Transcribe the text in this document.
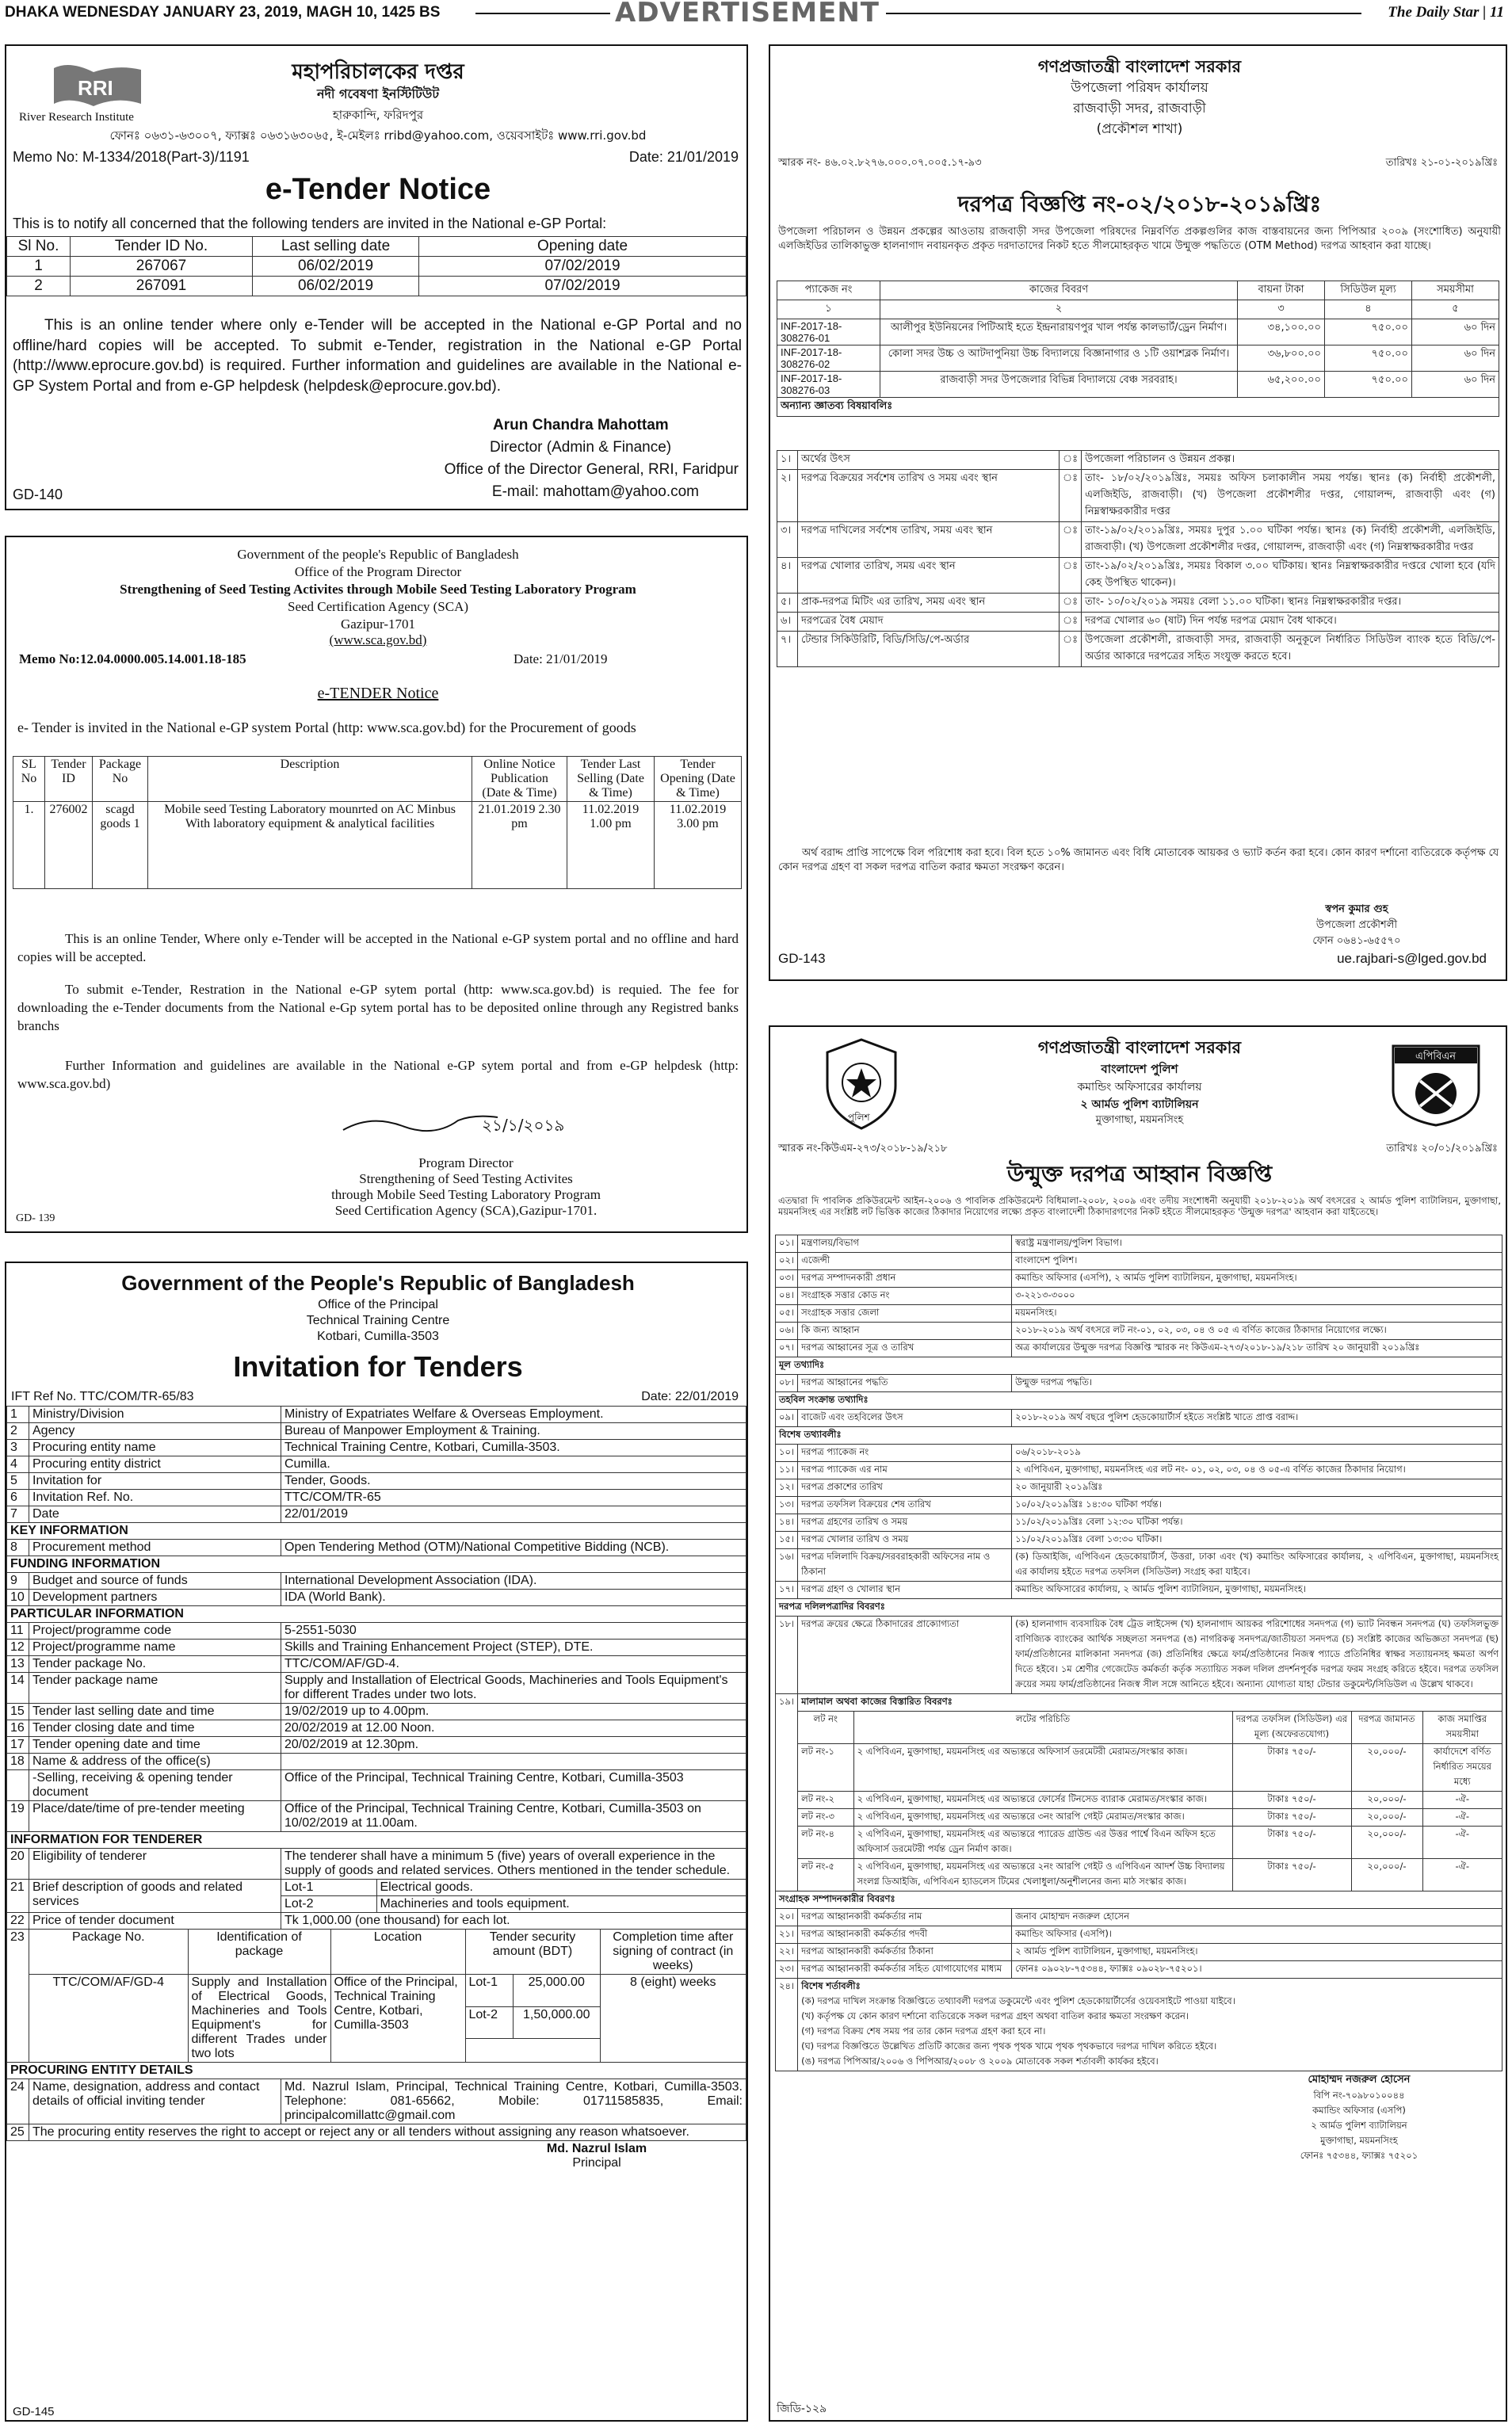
DHAKA WEDNESDAY JANUARY 23, 2019, MAGH 10, 1425 BS	ADVERTISEMENT	The Daily Star | 11
RRI
River Research Institute
মহাপরিচালকের দপ্তর
নদী গবেষণা ইনস্টিটিউট
হারুকান্দি, ফরিদপুর
ফোনঃ ০৬৩১-৬৩০০৭, ফ্যাক্সঃ ০৬৩১৬৩০৬৫, ই-মেইলঃ rribd@yahoo.com, ওয়েবসাইটঃ www.rri.gov.bd
Memo No: M-1334/2018(Part-3)/1191	Date: 21/01/2019
e-Tender Notice
This is to notify all concerned that the following tenders are invited in the National e-GP Portal:
Sl No.	Tender ID No.	Last selling date	Opening date
1	267067	06/02/2019	07/02/2019
2	267091	06/02/2019	07/02/2019
This is an online tender where only e-Tender will be accepted in the National e-GP Portal and no offline/hard copies will be accepted. To submit e-Tender, registration in the National e-GP Portal (http://www.eprocure.gov.bd) is required. Further information and guidelines are available in the National e-GP System Portal and from e-GP helpdesk (helpdesk@eprocure.gov.bd).
Arun Chandra Mahottam
Director (Admin & Finance)
Office of the Director General, RRI, Faridpur
E-mail: mahottam@yahoo.com
GD-140
Government of the people's Republic of Bangladesh
Office of the Program Director
Strengthening of Seed Testing Activites through Mobile Seed Testing Laboratory Program
Seed Certification Agency (SCA)
Gazipur-1701
(www.sca.gov.bd)
Memo No:12.04.0000.005.14.001.18-185	Date: 21/01/2019
e-TENDER Notice
e- Tender is invited in the National e-GP system Portal (http: www.sca.gov.bd) for the Procurement of goods
SL No	Tender ID	Package No	Description	Online Notice Publication (Date & Time)	Tender Last Selling (Date & Time)	Tender Opening (Date & Time)
1.	276002	scagd goods 1	Mobile seed Testing Laboratory mounrted on AC Minbus With laboratory equipment & analytical facilities	21.01.2019 2.30 pm	11.02.2019 1.00 pm	11.02.2019 3.00 pm
This is an online Tender, Where only e-Tender will be accepted in the National e-GP system portal and no offline and hard copies will be accepted.
To submit e-Tender, Restration in the National e-GP sytem portal (http: www.sca.gov.bd) is requied. The fee for downloading the e-Tender documents from the National e-Gp sytem portal has to be deposited online through any Registred banks branchs
Further Information and guidelines are available in the National e-GP sytem portal and from e-GP helpdesk (http: www.sca.gov.bd)
২১/১/২০১৯
Program Director
Strengthening of Seed Testing Activites
through Mobile Seed Testing Laboratory Program
Seed Certification Agency (SCA),Gazipur-1701.
GD- 139
Government of the People's Republic of Bangladesh
Office of the Principal
Technical Training Centre
Kotbari, Cumilla-3503
Invitation for Tenders
IFT Ref No. TTC/COM/TR-65/83	Date: 22/01/2019
1	Ministry/Division	Ministry of Expatriates Welfare & Overseas Employment.
2	Agency	Bureau of Manpower Employment & Training.
3	Procuring entity name	Technical Training Centre, Kotbari, Cumilla-3503.
4	Procuring entity district	Cumilla.
5	Invitation for	Tender, Goods.
6	Invitation Ref. No.	TTC/COM/TR-65
7	Date	22/01/2019
KEY INFORMATION
8	Procurement method	Open Tendering Method (OTM)/National Competitive Bidding (NCB).
FUNDING INFORMATION
9	Budget and source of funds	International Development Association (IDA).
10	Development partners	IDA (World Bank).
PARTICULAR INFORMATION
11	Project/programme code	5-2551-5030
12	Project/programme name	Skills and Training Enhancement Project (STEP), DTE.
13	Tender package No.	TTC/COM/AF/GD-4.
14	Tender package name	Supply and Installation of Electrical Goods, Machineries and Tools Equipment's for different Trades under two lots.
15	Tender last selling date and time	19/02/2019 up to 4.00pm.
16	Tender closing date and time	20/02/2019 at 12.00 Noon.
17	Tender opening date and time	20/02/2019 at 12.30pm.
18	Name & address of the office(s)	
	-Selling, receiving & opening tender document	Office of the Principal, Technical Training Centre, Kotbari, Cumilla-3503
19	Place/date/time of pre-tender meeting	Office of the Principal, Technical Training Centre, Kotbari, Cumilla-3503 on 10/02/2019 at 11.00am.
INFORMATION FOR TENDERER
20	Eligibility of tenderer	The tenderer shall have a minimum 5 (five) years of overall experience in the supply of goods and related services. Others mentioned in the tender schedule.
21	Brief description of goods and related services	
Lot-1	Electrical goods.
Lot-2	Machineries and tools equipment.

22	Price of tender document	Tk 1,000.00 (one thousand) for each lot.
23		Package No.	Identification of package	Location	Tender security amount (BDT)	Completion time after signing of contract (in weeks)
TTC/COM/AF/GD-4	Supply and Installation of Electrical Goods, Machineries and Tools Equipment's for different Trades under two lots	Office of the Principal, Technical Training Centre, Kotbari, Cumilla-3503	
Lot-1	25,000.00
Lot-2	1,50,000.00
	8 (eight) weeks

PROCURING ENTITY DETAILS
24	Name, designation, address and contact details of official inviting tender	Md. Nazrul Islam, Principal, Technical Training Centre, Kotbari, Cumilla-3503. Telephone: 081-65662, Mobile: 01711585835, Email: principalcomillattc@gmail.com
25	The procuring entity reserves the right to accept or reject any or all tenders without assigning any reason whatsoever.

Md. Nazrul Islam
Principal
GD-145
গণপ্রজাতন্ত্রী বাংলাদেশ সরকার
উপজেলা পরিষদ কার্যালয়
রাজবাড়ী সদর, রাজবাড়ী
(প্রকৌশল শাখা)
স্মারক নং- ৪৬.০২.৮২৭৬.০০০.০৭.০০৫.১৭-৯৩	তারিখঃ ২১-০১-২০১৯খ্রিঃ
দরপত্র বিজ্ঞপ্তি নং-০২/২০১৮-২০১৯খ্রিঃ
উপজেলা পরিচালন ও উন্নয়ন প্রকল্পের আওতায় রাজবাড়ী সদর উপজেলা পরিষদের নিম্নবর্ণিত প্রকল্পগুলির কাজ বাস্তবায়নের জন্য পিপিআর ২০০৯ (সংশোধিত) অনুযায়ী এলজিইডির তালিকাভুক্ত হালনাগাদ নবায়নকৃত প্রকৃত দরদাতাদের নিকট হতে সীলমোহরকৃত খামে উন্মুক্ত পদ্ধতিতে (OTM Method) দরপত্র আহবান করা যাচ্ছে।
প্যাকেজ নং	কাজের বিবরণ	বায়না টাকা	সিডিউল মূল্য	সময়সীমা
১	২	৩	৪	৫
INF-2017-18-308276-01	আলীপুর ইউনিয়নের পিটিআই হতে ইন্দ্রনারায়ণপুর খাল পর্যন্ত কালভার্ট/ড্রেন নির্মাণ।	৩৪,১০০.০০	৭৫০.০০	৬০ দিন
INF-2017-18-308276-02	কোলা সদর উচ্চ ও আটদাপুনিয়া উচ্চ বিদ্যালয়ে বিজ্ঞানাগার ও ১টি ওয়াশব্লক নির্মাণ।	৩৬,৮০০.০০	৭৫০.০০	৬০ দিন
INF-2017-18-308276-03	রাজবাড়ী সদর উপজেলার বিভিন্ন বিদ্যালয়ে বেঞ্চ সরবরাহ।	৬৫,২০০.০০	৭৫০.০০	৬০ দিন
অন্যান্য জ্ঞাতব্য বিষয়াবলিঃ				
১।	অর্থের উৎস	ঃ	উপজেলা পরিচালন ও উন্নয়ন প্রকল্প।
২।	দরপত্র বিক্রয়ের সর্বশেষ তারিখ ও সময় এবং স্থান	ঃ	তাং- ১৮/০২/২০১৯খ্রিঃ, সময়ঃ অফিস চলাকালীন সময় পর্যন্ত। স্থানঃ (ক) নির্বাহী প্রকৌশলী, এলজিইডি, রাজবাড়ী। (খ) উপজেলা প্রকৌশলীর দপ্তর, গোয়ালন্দ, রাজবাড়ী এবং (গ) নিম্নস্বাক্ষরকারীর দপ্তর
৩।	দরপত্র দাখিলের সর্বশেষ তারিখ, সময় এবং স্থান	ঃ	তাং-১৯/০২/২০১৯খ্রিঃ, সময়ঃ দুপুর ১.০০ ঘটিকা পর্যন্ত। স্থানঃ (ক) নির্বাহী প্রকৌশলী, এলজিইডি, রাজবাড়ী। (খ) উপজেলা প্রকৌশলীর দপ্তর, গোয়ালন্দ, রাজবাড়ী এবং (গ) নিম্নস্বাক্ষরকারীর দপ্তর
৪।	দরপত্র খোলার তারিখ, সময় এবং স্থান	ঃ	তাং-১৯/০২/২০১৯খ্রিঃ, সময়ঃ বিকাল ৩.০০ ঘটিকায়। স্থানঃ নিম্নস্বাক্ষরকারীর দপ্তরে খোলা হবে (যদি কেহ উপস্থিত থাকেন)।
৫।	প্রাক-দরপত্র মিটিং এর তারিখ, সময় এবং স্থান	ঃ	তাং- ১০/০২/২০১৯ সময়ঃ বেলা ১১.০০ ঘটিকা। স্থানঃ নিম্নস্বাক্ষরকারীর দপ্তর।
৬।	দরপত্রের বৈধ মেয়াদ	ঃ	দরপত্র খোলার ৬০ (ষাট) দিন পর্যন্ত দরপত্র মেয়াদ বৈধ থাকবে।
৭।	টেন্ডার সিকিউরিটি, বিডি/সিডি/পে-অর্ডার	ঃ	উপজেলা প্রকৌশলী, রাজবাড়ী সদর, রাজবাড়ী অনুকূলে নির্ধারিত সিডিউল ব্যাংক হতে বিডি/পে-অর্ডার আকারে দরপত্রের সহিত সংযুক্ত করতে হবে।
অর্থ বরাদ্দ প্রাপ্তি সাপেক্ষে বিল পরিশোধ করা হবে। বিল হতে ১০% জামানত এবং বিধি মোতাবেক আয়কর ও ভ্যাট কর্তন করা হবে। কোন কারণ দর্শানো ব্যতিরেকে কর্তৃপক্ষ যে কোন দরপত্র গ্রহণ বা সকল দরপত্র বাতিল করার ক্ষমতা সংরক্ষণ করেন।
স্বপন কুমার গুহ
উপজেলা প্রকৌশলী
ফোন ০৬৪১-৬৫৫৭০
ue.rajbari-s@lged.gov.bd
GD-143
পুলিশ
এপিবিএন
গণপ্রজাতন্ত্রী বাংলাদেশ সরকার
বাংলাদেশ পুলিশ
কমান্ডিং অফিসারের কার্যালয়
২ আর্মড পুলিশ ব্যাটালিয়ন
মুক্তাগাছা, ময়মনসিংহ
স্মারক নং-কিউএম-২৭৩/২০১৮-১৯/২১৮	তারিখঃ ২০/০১/২০১৯খ্রিঃ
উন্মুক্ত দরপত্র আহ্বান বিজ্ঞপ্তি
এতদ্বারা দি পাবলিক প্রকিউরমেন্ট আইন-২০০৬ ও পাবলিক প্রকিউরমেন্ট বিধিমালা-২০০৮, ২০০৯ এবং তদীয় সংশোধনী অনুযায়ী ২০১৮-২০১৯ অর্থ বৎসরের ২ আর্মড পুলিশ ব্যাটালিয়ন, মুক্তাগাছা, ময়মনসিংহ এর সংশ্লিষ্ট লট ভিত্তিক কাজের ঠিকাদার নিয়োগের লক্ষ্যে প্রকৃত বাংলাদেশী ঠিকাদারগণের নিকট হইতে সীলমোহরকৃত 'উন্মুক্ত দরপত্র' আহবান করা যাইতেছে।
০১।	মন্ত্রণালয়/বিভাগ	স্বরাষ্ট্র মন্ত্রণালয়/পুলিশ বিভাগ।
০২।	এজেন্সী	বাংলাদেশ পুলিশ।
০৩।	দরপত্র সম্পাদনকারী প্রধান	কমান্ডিং অফিসার (এসপি), ২ আর্মড পুলিশ ব্যাটালিয়ন, মুক্তাগাছা, ময়মনসিংহ।
০৪।	সংগ্রাহক সত্তার কোড নং	৩-২২১৩-৩০০০
০৫।	সংগ্রাহক সত্তার জেলা	ময়মনসিংহ।
০৬।	কি জন্য আহ্বান	২০১৮-২০১৯ অর্থ বৎসরে লট নং-০১, ০২, ০৩, ০৪ ও ০৫ এ বর্ণিত কাজের ঠিকাদার নিয়োগের লক্ষ্যে।
০৭।	দরপত্র আহ্বানের সূত্র ও তারিখ	অত্র কার্যালয়ের উন্মুক্ত দরপত্র বিজ্ঞপ্তি স্মারক নং কিউএম-২৭৩/২০১৮-১৯/২১৮ তারিখ ২০ জানুয়ারী ২০১৯খ্রিঃ
মূল তথ্যাদিঃ
০৮।	দরপত্র আহ্বানের পদ্ধতি	উন্মুক্ত দরপত্র পদ্ধতি।
তহবিল সংক্রান্ত তথ্যাদিঃ
০৯।	বাজেট এবং তহবিলের উৎস	২০১৮-২০১৯ অর্থ বছরে পুলিশ হেডকোয়ার্টার্স হইতে সংশ্লিষ্ট খাতে প্রাপ্ত বরাদ্দ।
বিশেষ তথ্যাবলীঃ
১০।	দরপত্র প্যাকেজ নং	০৬/২০১৮-২০১৯
১১।	দরপত্র প্যাকেজ এর নাম	২ এপিবিএন, মুক্তাগাছা, ময়মনসিংহ এর লট নং- ০১, ০২, ০৩, ০৪ ও ০৫-এ বর্ণিত কাজের ঠিকাদার নিয়োগ।
১২।	দরপত্র প্রকাশের তারিখ	২০ জানুয়ারী ২০১৯খ্রিঃ
১৩।	দরপত্র তফসিল বিক্রয়ের শেষ তারিখ	১০/০২/২০১৯খ্রিঃ ১৪:৩০ ঘটিকা পর্যন্ত।
১৪।	দরপত্র গ্রহণের তারিখ ও সময়	১১/০২/২০১৯খ্রিঃ বেলা ১২:৩০ ঘটিকা পর্যন্ত।
১৫।	দরপত্র খোলার তারিখ ও সময়	১১/০২/২০১৯খ্রিঃ বেলা ১৩:৩০ ঘটিকা।
১৬।	দরপত্র দলিলাদি বিক্রয়/সরবরাহকারী অফিসের নাম ও ঠিকানা	(ক) ডিআইজি, এপিবিএন হেডকোয়ার্টার্স, উত্তরা, ঢাকা এবং (খ) কমান্ডিং অফিসারের কার্যালয়, ২ এপিবিএন, মুক্তাগাছা, ময়মনসিংহ এর কার্যালয় হইতে দরপত্র তফসিল (সিডিউল) সংগ্রহ করা যাইবে।
১৭।	দরপত্র গ্রহণ ও খোলার স্থান	কমান্ডিং অফিসারের কার্যালয়, ২ আর্মড পুলিশ ব্যাটালিয়ন, মুক্তাগাছা, ময়মনসিংহ।
দরপত্র দলিলপত্রাদির বিবরণঃ
১৮।	দরপত্র ক্রয়ের ক্ষেত্রে ঠিকাদারের প্রাক্যোগ্যতা	(ক) হালনাগাদ ব্যবসায়িক বৈধ ট্রেড লাইসেন্স (খ) হালনাগাদ আয়কর পরিশোধের সনদপত্র (গ) ভ্যাট নিবন্ধন সনদপত্র (ঘ) তফসিলভুক্ত বাণিজ্যিক ব্যাংকের আর্থিক সচ্ছলতা সনদপত্র (ঙ) নাগরিকত্ব সনদপত্র/জাতীয়তা সনদপত্র (চ) সংশ্লিষ্ট কাজের অভিজ্ঞতা সনদপত্র (ছ) ফার্ম/প্রতিষ্ঠানের মালিকানা সনদপত্র (জ) প্রতিনিধির ক্ষেত্রে ফার্ম/প্রতিষ্ঠানের নিজস্ব প্যাডে প্রতিনিধির স্বাক্ষর সত্যায়নসহ ক্ষমতা অর্পণ দিতে হইবে। ১ম শ্রেণীর গেজেটেড কর্মকর্তা কর্তৃক সত্যায়িত সকল দলিল প্রদর্শনপূর্বক দরপত্র ফরম সংগ্রহ করিতে হইবে। দরপত্র তফসিল ক্রয়ের সময় ফার্ম/প্রতিষ্ঠানের নিজস্ব সীল সঙ্গে আনিতে হইবে। অন্যান্য যোগ্যতা যাহা টেন্ডার ডকুমেন্ট/সিডিউল এ উল্লেখ থাকবে।
১৯।	মালামাল অথবা কাজের বিস্তারিত বিবরণঃ
লট নং	লটের পরিচিতি	দরপত্র তফসিল (সিডিউল) এর মূল্য (অফেরতযোগ্য)	দরপত্র জামানত	কাজ সমাপ্তির সময়সীমা
লট নং-১	২ এপিবিএন, মুক্তাগাছা, ময়মনসিংহ এর অভ্যন্তরে অফিসার্স ডরমেটরী মেরামত/সংস্কার কাজ।	টাকাঃ ৭৫০/-	২০,০০০/-	কার্যাদেশে বর্ণিত নির্ধারিত সময়ের মধ্যে
লট নং-২	২ এপিবিএন, মুক্তাগাছা, ময়মনসিংহ এর অভ্যন্তরে ফোর্সের টিনসেড ব্যারাক মেরামত/সংস্কার কাজ।	টাকাঃ ৭৫০/-	২০,০০০/-	-ঐ-
লট নং-৩	২ এপিবিএন, মুক্তাগাছা, ময়মনসিংহ এর অভ্যন্তরে ৩নং আরপি গেইট মেরামত/সংস্কার কাজ।	টাকাঃ ৭৫০/-	২০,০০০/-	-ঐ-
লট নং-৪	২ এপিবিএন, মুক্তাগাছা, ময়মনসিংহ এর অভ্যন্তরে প্যারেড গ্রাউন্ড এর উত্তর পার্শ্বে বিএন অফিস হতে অফিসার্স ডরমেটরী পর্যন্ত ড্রেন নির্মাণ কাজ।	টাকাঃ ৭৫০/-	২০,০০০/-	-ঐ-
লট নং-৫	২ এপিবিএন, মুক্তাগাছা, ময়মনসিংহ এর অভ্যন্তরে ২নং আরপি গেইট ও এপিবিএন আদর্শ উচ্চ বিদ্যালয় সংলগ্ন ডিআইজি, এপিবিএন হ্যাডলেস টিমের খেলাধুলা/অনুশীলনের জন্য মাঠ সংস্কার কাজ।	টাকাঃ ৭৫০/-	২০,০০০/-	-ঐ-

সংগ্রাহক সম্পাদনকারীর বিবরণঃ
২০।	দরপত্র আহ্বানকারী কর্মকর্তার নাম	জনাব মোহাম্মদ নজরুল হোসেন
২১।	দরপত্র আহ্বানকারী কর্মকর্তার পদবী	কমান্ডিং অফিসার (এসপি)।
২২।	দরপত্র আহ্বানকারী কর্মকর্তার ঠিকানা	২ আর্মড পুলিশ ব্যাটালিয়ন, মুক্তাগাছা, ময়মনসিংহ।
২৩।	দরপত্র আহ্বানকারী কর্মকর্তার সহিত যোগাযোগের মাধ্যম	ফোনঃ ০৯০২৮-৭৫৩৪৪, ফ্যাক্সঃ ০৯০২৮-৭৫২০১।
২৪।	বিশেষ শর্তাবলীঃ
(ক) দরপত্র দাখিল সংক্রান্ত বিজ্ঞপ্তিতে তথ্যাবলী দরপত্র ডকুমেন্টে এবং পুলিশ হেডকোয়ার্টার্সের ওয়েবসাইটে পাওয়া যাইবে।
(খ) কর্তৃপক্ষ যে কোন কারণ দর্শানো ব্যতিরেকে সকল দরপত্র গ্রহণ অথবা বাতিল করার ক্ষমতা সংরক্ষণ করেন।
(গ) দরপত্র বিক্রয় শেষ সময় পর তার কোন দরপত্র গ্রহণ করা হবে না।
(ঘ) দরপত্র বিজ্ঞপ্তিতে উল্লেখিত প্রতিটি কাজের জন্য পৃথক পৃথক খামে পৃথক পৃথকভাবে দরপত্র দাখিল করিতে হইবে।
(ঙ) দরপত্র পিপিআর/২০০৬ ও পিপিআর/২০০৮ ও ২০০৯ মোতাবেক সকল শর্তাবলী কার্যকর হইবে।

মোহাম্মদ নজরুল হোসেন
বিপি নং-৭০৯৮০১০০৪৪
কমান্ডিং অফিসার (এসপি)
২ আর্মড পুলিশ ব্যাটালিয়ন
মুক্তাগাছা, ময়মনসিংহ
ফোনঃ ৭৫৩৪৪, ফ্যাক্সঃ ৭৫২০১
জিডি-১২৯
